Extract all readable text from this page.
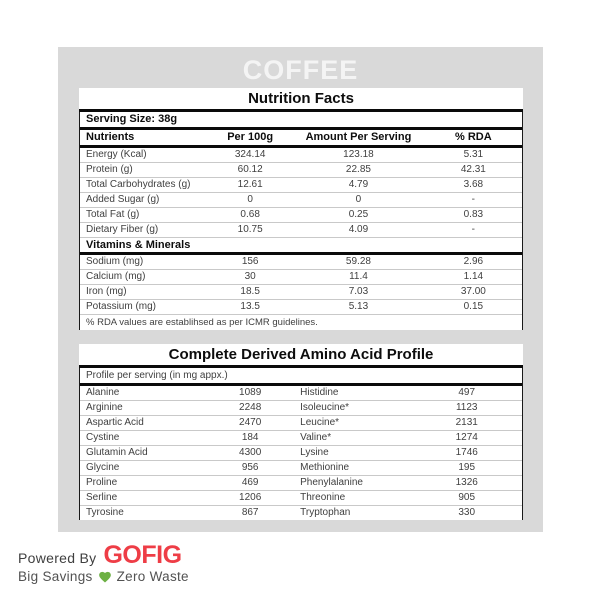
COFFEE
Nutrition Facts
Serving Size: 38g
Nutrients	Per 100g	Amount Per Serving	% RDA
Energy (Kcal)	324.14	123.18	5.31
Protein (g)	60.12	22.85	42.31
Total Carbohydrates (g)	12.61	4.79	3.68
Added Sugar (g)	0	0	-
Total Fat (g)	0.68	0.25	0.83
Dietary Fiber (g)	10.75	4.09	-
Vitamins & Minerals
Sodium (mg)	156	59.28	2.96
Calcium (mg)	30	11.4	1.14
Iron (mg)	18.5	7.03	37.00
Potassium (mg)	13.5	5.13	0.15
% RDA values are establihsed as per ICMR guidelines.
Complete Derived Amino Acid Profile
Profile per serving (in mg appx.)
Alanine	1089	Histidine	497
Arginine	2248	Isoleucine*	1123
Aspartic Acid	2470	Leucine*	2131
Cystine	184	Valine*	1274
Glutamin Acid	4300	Lysine	1746
Glycine	956	Methionine	195
Proline	469	Phenylalanine	1326
Serline	1206	Threonine	905
Tyrosine	867	Tryptophan	330
Powered By GOFIG
Big Savings Zero Waste
